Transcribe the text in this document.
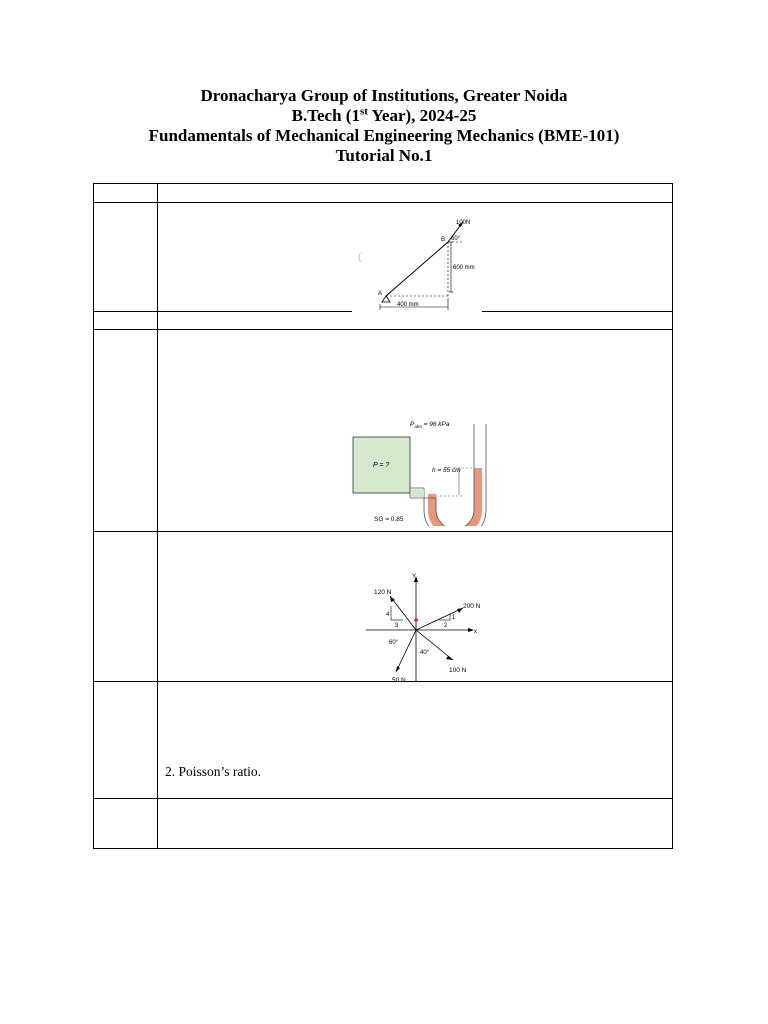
Dronacharya Group of Institutions, Greater Noida
B.Tech (1st Year), 2024-25
Fundamentals of Mechanical Engineering Mechanics (BME-101)
Tutorial No.1
(
100N
60°
600 mm
400 mm
A
B
$P_{atm} = 96$ kPa
P = ?
h = 55 cm
SG = 0.85
Y
x
120 N
200 N
100 N
50 N
60°
40°
4
3
1
2
2. Poisson’s ratio.
